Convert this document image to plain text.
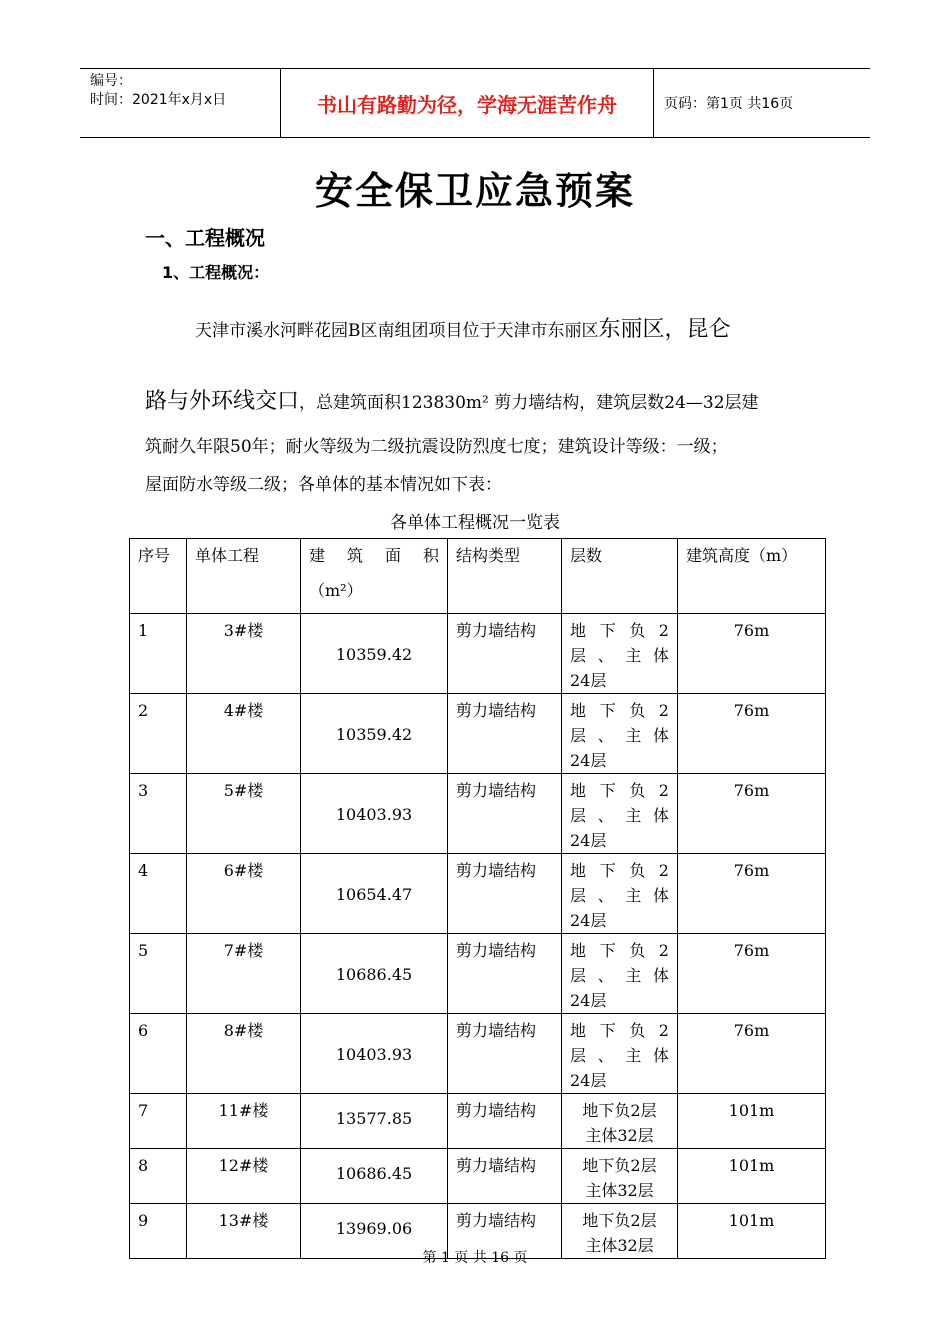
编号：
时间：2021年x月x日	书山有路勤为径，学海无涯苦作舟	页码：第1页 共16页
安全保卫应急预案
一、工程概况
1、工程概况：
天津市溪水河畔花园B区南组团项目位于天津市东丽区东丽区，昆仑
路与外环线交口，总建筑面积123830m² 剪力墙结构，建筑层数24—32层建
筑耐久年限50年；耐火等级为二级抗震设防烈度七度；建筑设计等级：一级；
屋面防水等级二级；各单体的基本情况如下表：
各单体工程概况一览表
序号	单体工程	建　筑　面　积
（m²）	结构类型	层数	建筑高度（m）

1	3#楼	10359.42	剪力墙结构	地 下 负 2
层 、 主 体
24层	76m

2	4#楼	10359.42	剪力墙结构	地 下 负 2
层 、 主 体
24层	76m

3	5#楼	10403.93	剪力墙结构	地 下 负 2
层 、 主 体
24层	76m

4	6#楼	10654.47	剪力墙结构	地 下 负 2
层 、 主 体
24层	76m

5	7#楼	10686.45	剪力墙结构	地 下 负 2
层 、 主 体
24层	76m

6	8#楼	10403.93	剪力墙结构	地 下 负 2
层 、 主 体
24层	76m

7	11#楼	13577.85	剪力墙结构	地下负2层
主体32层	101m

8	12#楼	10686.45	剪力墙结构	地下负2层
主体32层	101m

9	13#楼	13969.06	剪力墙结构	地下负2层
主体32层	101m
第 1 页 共 16 页
